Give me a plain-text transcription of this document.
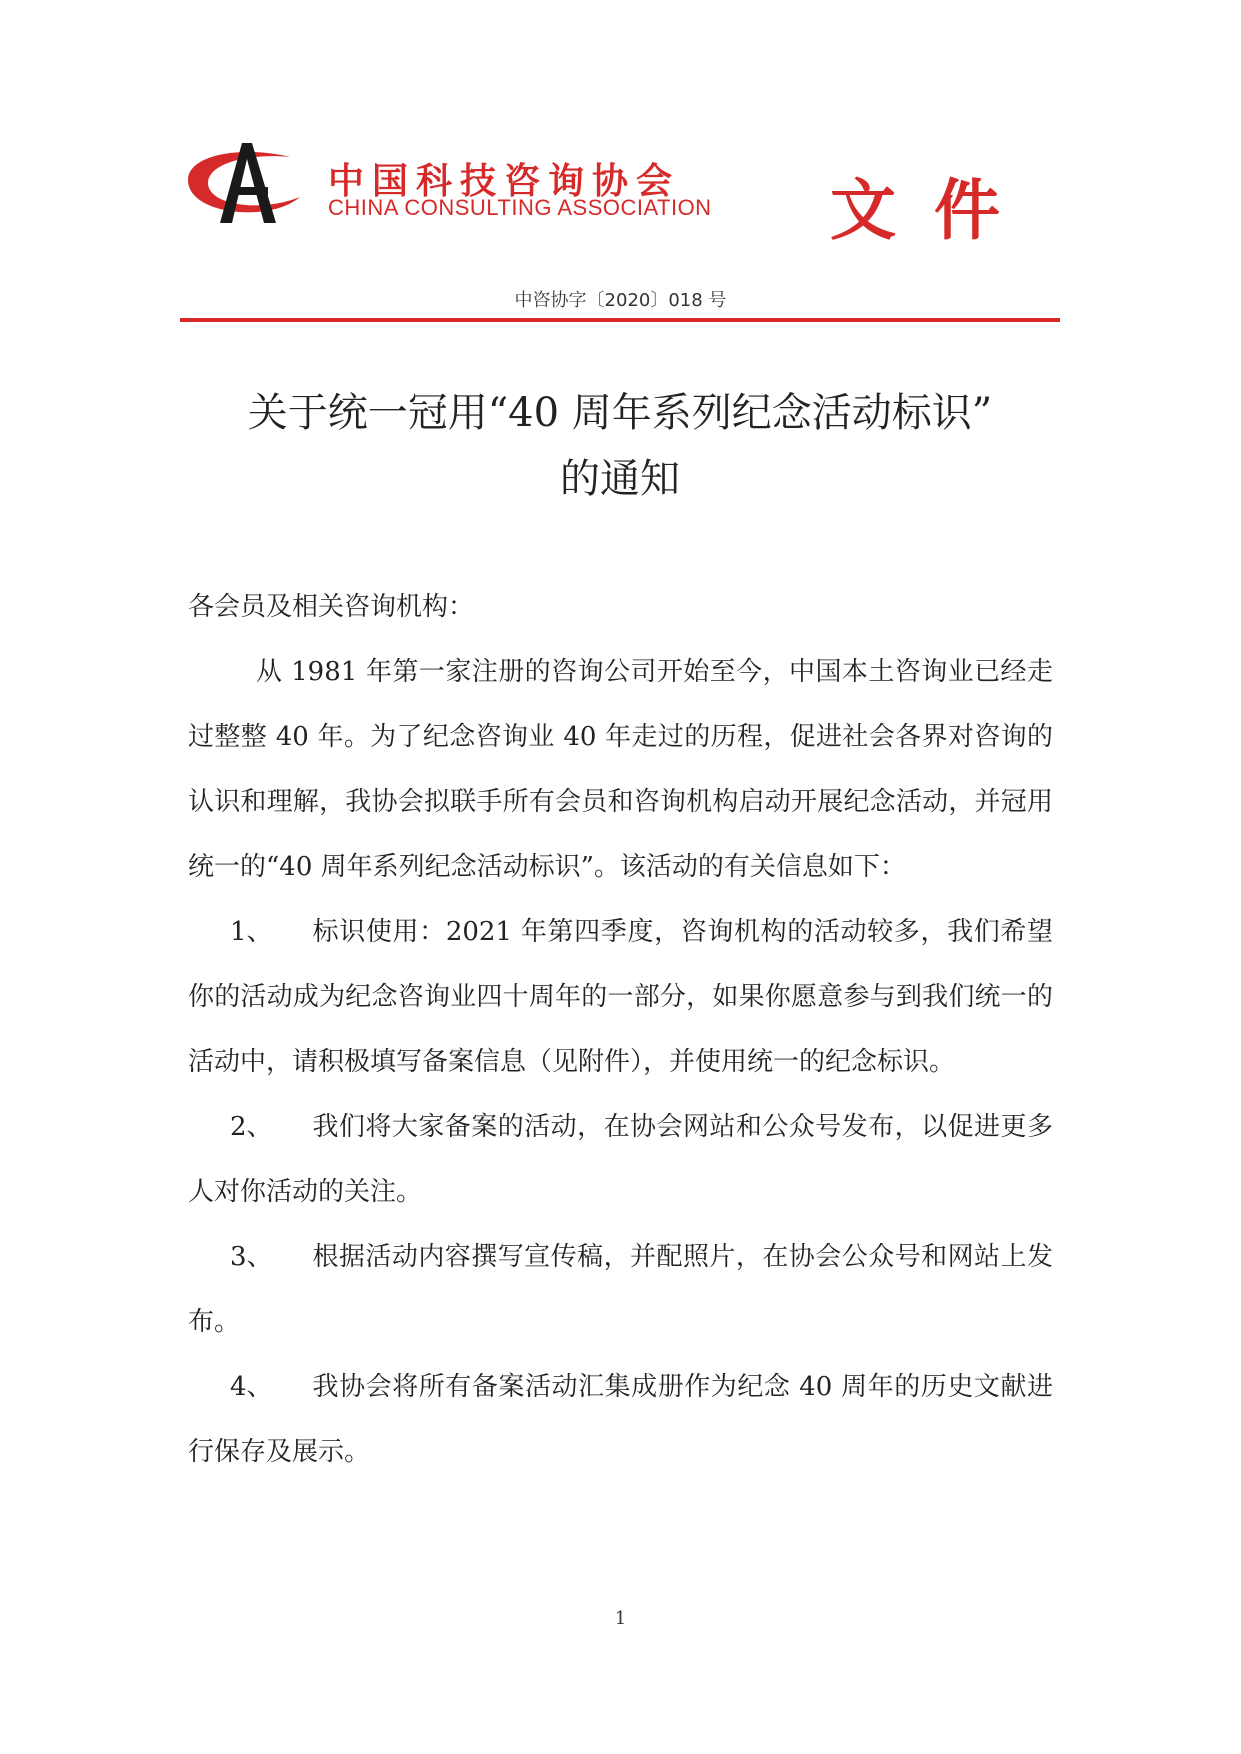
中国科技咨询协会
CHINA CONSULTING ASSOCIATION 文件
中咨协字〔2020〕018 号
关于统一冠用“40 周年系列纪念活动标识”
的通知

各会员及相关咨询机构：

从 1981 年第一家注册的咨询公司开始至今，中国本土咨询业已经走过整整 40 年。为了纪念咨询业 40 年走过的历程，促进社会各界对咨询的认识和理解，我协会拟联手所有会员和咨询机构启动开展纪念活动，并冠用统一的“40 周年系列纪念活动标识”。该活动的有关信息如下：

1、 标识使用：2021 年第四季度，咨询机构的活动较多，我们希望你的活动成为纪念咨询业四十周年的一部分，如果你愿意参与到我们统一的活动中，请积极填写备案信息（见附件），并使用统一的纪念标识。

2、 我们将大家备案的活动，在协会网站和公众号发布，以促进更多人对你活动的关注。

3、 根据活动内容撰写宣传稿，并配照片，在协会公众号和网站上发布。

4、 我协会将所有备案活动汇集成册作为纪念 40 周年的历史文献进行保存及展示。

1
